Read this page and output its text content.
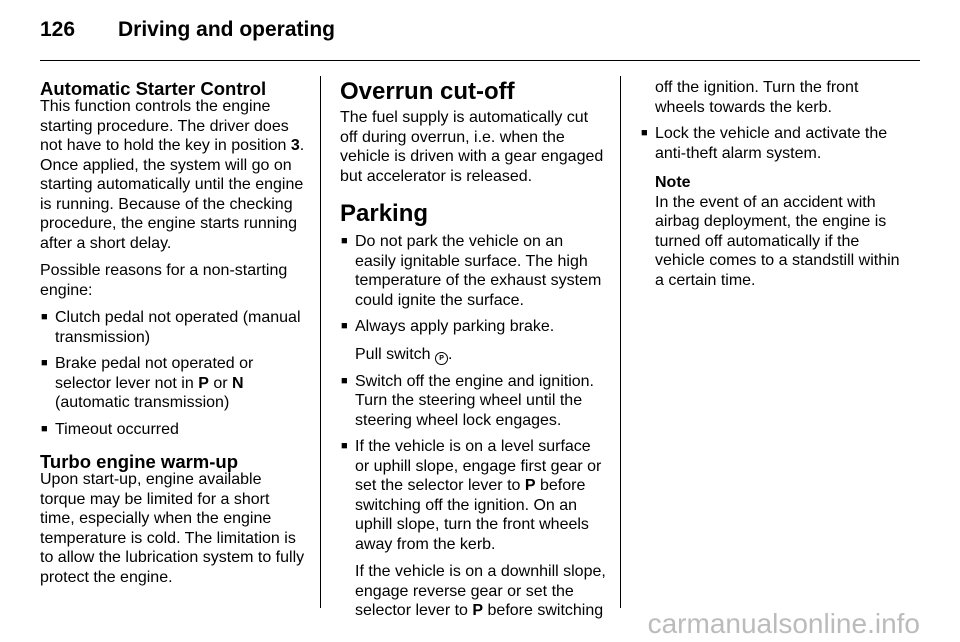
126 Driving and operating
Automatic Starter Control

This function controls the engine starting procedure. The driver does not have to hold the key in position 3. Once applied, the system will go on starting automatically until the engine is running. Because of the checking procedure, the engine starts running after a short delay.

Possible reasons for a non-starting engine:

■ Clutch pedal not operated (manual transmission)
■ Brake pedal not operated or selector lever not in P or N
(automatic transmission)
■ Timeout occurred
Turbo engine warm-up

Upon start-up, engine available torque may be limited for a short time, especially when the engine temperature is cold. The limitation is to allow the lubrication system to fully protect the engine.

Overrun cut-off

The fuel supply is automatically cut off during overrun, i.e. when the vehicle is driven with a gear engaged but accelerator is released.

Parking
■ Do not park the vehicle on an easily ignitable surface. The high temperature of the exhaust system could ignite the surface.
■ Always apply parking brake.

Pull switch P .

■ Switch off the engine and ignition. Turn the steering wheel until the steering wheel lock engages.
■ If the vehicle is on a level surface or uphill slope, engage first gear or set the selector lever to P before switching off the ignition. On an uphill slope, turn the front wheels away from the kerb.

If the vehicle is on a downhill slope, engage reverse gear or set the selector lever to P before switching

off the ignition. Turn the front wheels towards the kerb.

■ Lock the vehicle and activate the anti-theft alarm system.

Note

In the event of an accident with airbag deployment, the engine is turned off automatically if the vehicle comes to a standstill within a certain time.

carmanualsonline.info
